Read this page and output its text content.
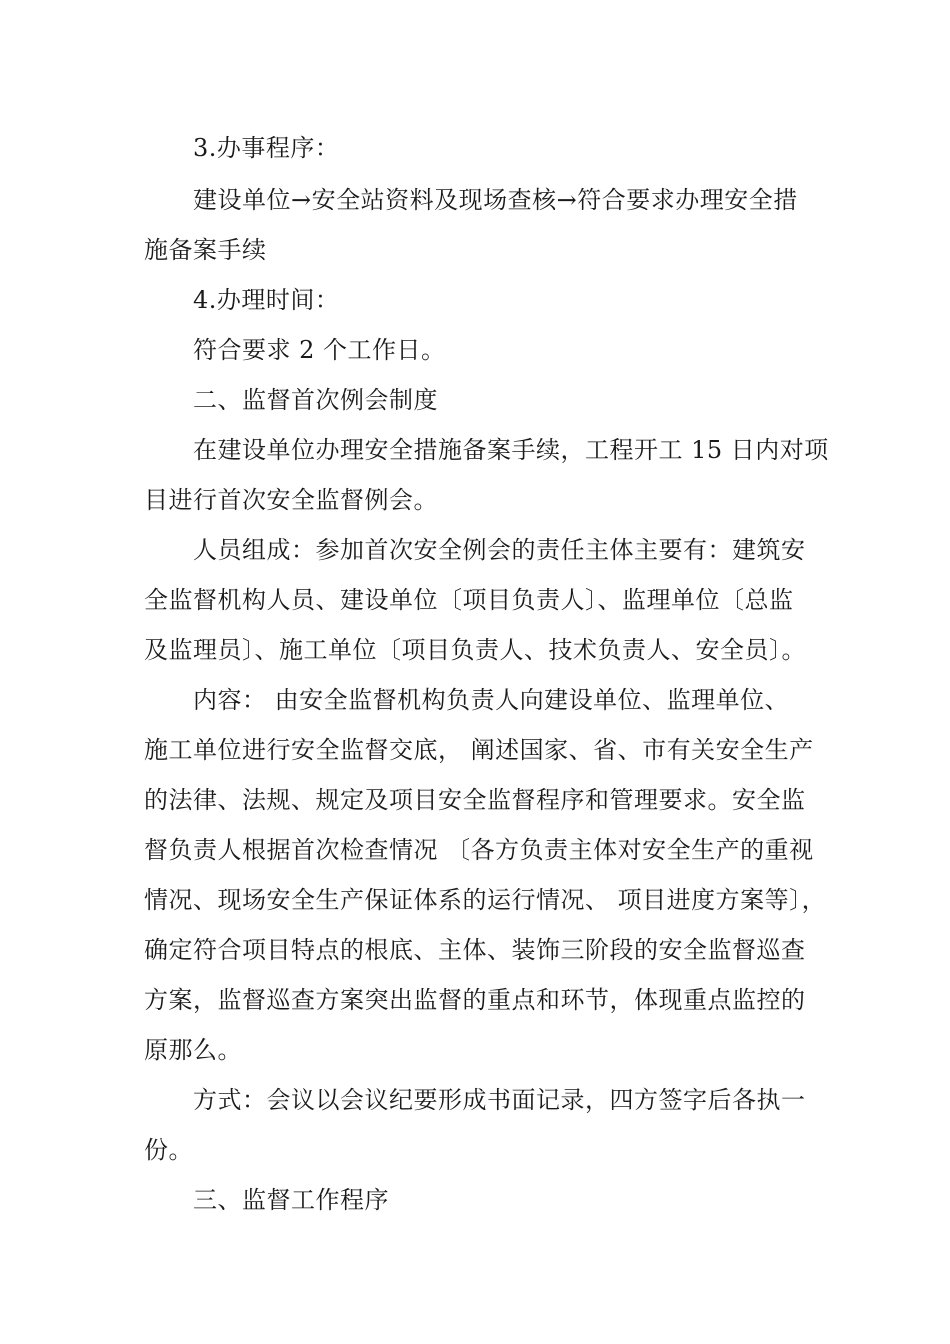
3.办事程序：
建设单位→安全站资料及现场查核→符合要求办理安全措
施备案手续
4.办理时间：
符合要求 2 个工作日。
二、监督首次例会制度
在建设单位办理安全措施备案手续，工程开工 15 日内对项
目进行首次安全监督例会。
人员组成：参加首次安全例会的责任主体主要有：建筑安
全监督机构人员、建设单位〔项目负责人〕、监理单位〔总监
及监理员〕、施工单位〔项目负责人、技术负责人、安全员〕。
内容： 由安全监督机构负责人向建设单位、监理单位、
施工单位进行安全监督交底， 阐述国家、省、市有关安全生产
的法律、法规、规定及项目安全监督程序和管理要求。安全监
督负责人根据首次检查情况 〔各方负责主体对安全生产的重视
情况、现场安全生产保证体系的运行情况、 项目进度方案等〕，
确定符合项目特点的根底、主体、装饰三阶段的安全监督巡查
方案，监督巡查方案突出监督的重点和环节，体现重点监控的
原那么。
方式：会议以会议纪要形成书面记录，四方签字后各执一
份。
三、监督工作程序
